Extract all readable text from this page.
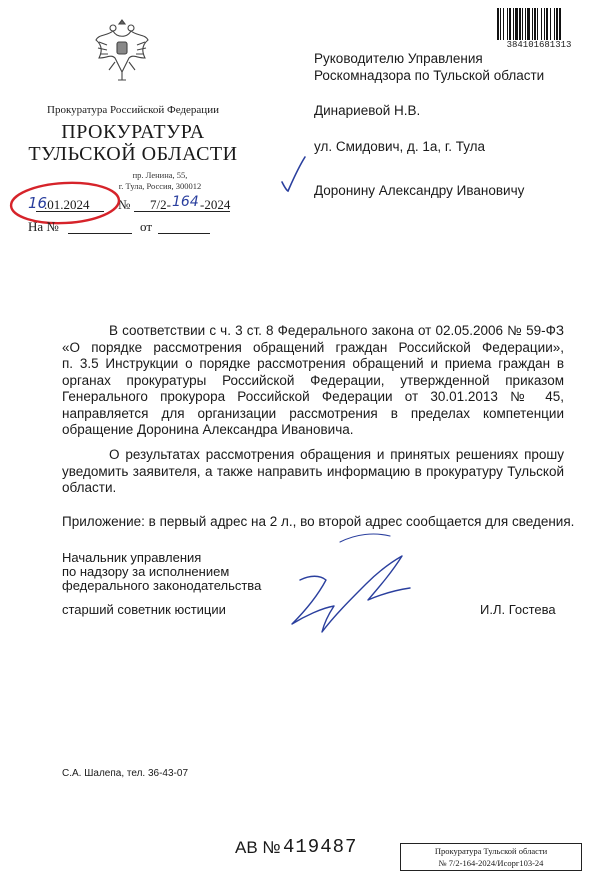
384101681313
Прокуратура Российской Федерации
ПРОКУРАТУРА
ТУЛЬСКОЙ ОБЛАСТИ
пр. Ленина, 55,
г. Тула, Россия, 300012
16
.01.2024 № 7/2- 164 -2024
На №	от
Руководителю Управления
Роскомнадзора по Тульской области
Динариевой Н.В.
ул. Смидович, д. 1а, г. Тула
Доронину Александру Ивановичу
В соответствии с ч. 3 ст. 8 Федерального закона от 02.05.2006 № 59-ФЗ
«О порядке рассмотрения обращений граждан Российской Федерации»,
п. 3.5 Инструкции о порядке рассмотрения обращений и приема граждан в
органах прокуратуры Российской Федерации, утвержденной приказом
Генерального прокурора Российской Федерации от 30.01.2013 № 45,
направляется для организации рассмотрения в пределах компетенции
обращение Доронина Александра Ивановича.
О результатах рассмотрения обращения и принятых решениях прошу
уведомить заявителя, а также направить информацию в прокуратуру Тульской
области.
Приложение: в первый адрес на 2 л., во второй адрес сообщается для сведения.
Начальник управления
по надзору за исполнением
федерального законодательства
старший советник юстиции	И.Л. Гостева
С.А. Шалепа, тел. 36-43-07
АВ № 419487	Прокуратура Тульской области
№ 7/2-164-2024/Исорг103-24
